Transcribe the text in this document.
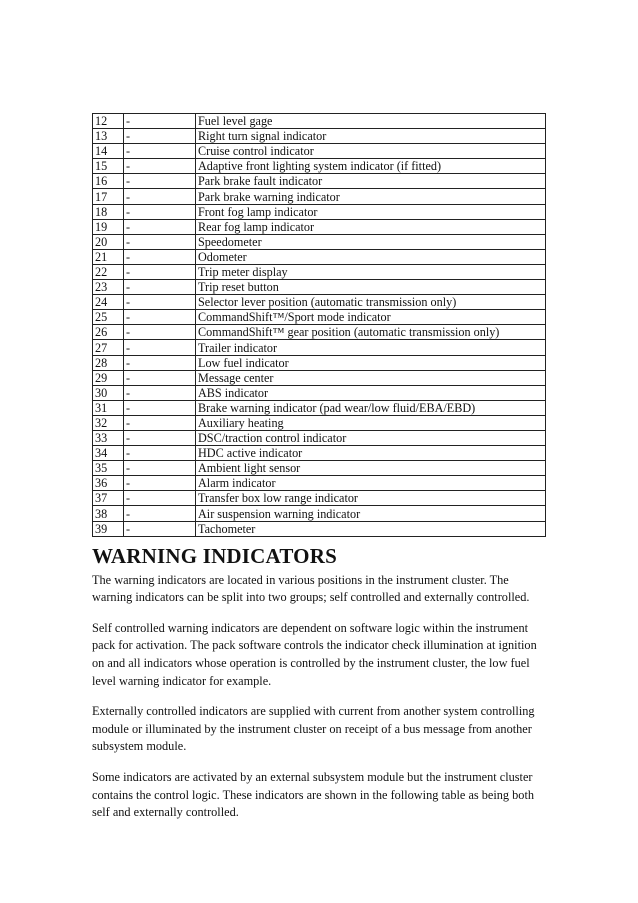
12	-	Fuel level gage
13	-	Right turn signal indicator
14	-	Cruise control indicator
15	-	Adaptive front lighting system indicator (if fitted)
16	-	Park brake fault indicator
17	-	Park brake warning indicator
18	-	Front fog lamp indicator
19	-	Rear fog lamp indicator
20	-	Speedometer
21	-	Odometer
22	-	Trip meter display
23	-	Trip reset button
24	-	Selector lever position (automatic transmission only)
25	-	CommandShift™/Sport mode indicator
26	-	CommandShift™ gear position (automatic transmission only)
27	-	Trailer indicator
28	-	Low fuel indicator
29	-	Message center
30	-	ABS indicator
31	-	Brake warning indicator (pad wear/low fluid/EBA/EBD)
32	-	Auxiliary heating
33	-	DSC/traction control indicator
34	-	HDC active indicator
35	-	Ambient light sensor
36	-	Alarm indicator
37	-	Transfer box low range indicator
38	-	Air suspension warning indicator
39	-	Tachometer
WARNING INDICATORS

The warning indicators are located in various positions in the instrument cluster. The warning indicators can be split into two groups; self controlled and externally controlled.

Self controlled warning indicators are dependent on software logic within the instrument pack for activation. The pack software controls the indicator check illumination at ignition on and all indicators whose operation is controlled by the instrument cluster, the low fuel level warning indicator for example.

Externally controlled indicators are supplied with current from another system controlling module or illuminated by the instrument cluster on receipt of a bus message from another subsystem module.

Some indicators are activated by an external subsystem module but the instrument cluster contains the control logic. These indicators are shown in the following table as being both self and externally controlled.
